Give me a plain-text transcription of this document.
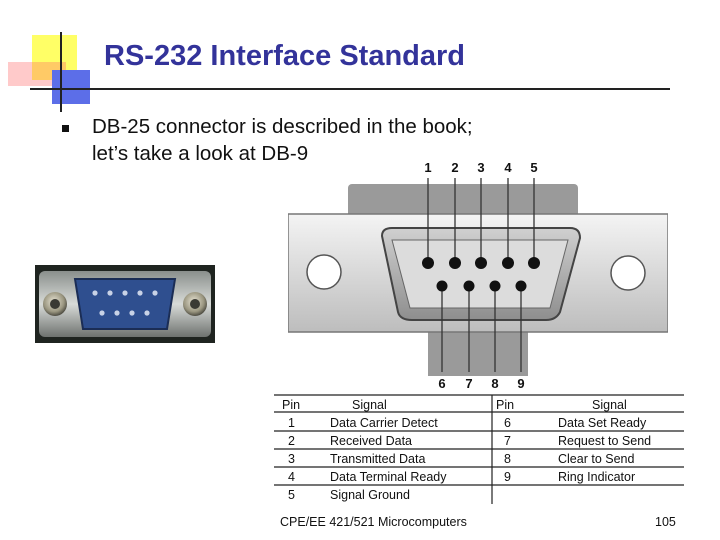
RS-232 Interface Standard
DB-25 connector is described in the book;
let’s take a look at DB-9
1 2 3 4 5
6 7 8 9
Pin	Signal	Pin	Signal
1	Data Carrier Detect	6	Data Set Ready
2	Received Data	7	Request to Send
3	Transmitted Data	8	Clear to Send
4	Data Terminal Ready	9	Ring Indicator
5	Signal Ground
CPE/EE 421/521 Microcomputers	105
